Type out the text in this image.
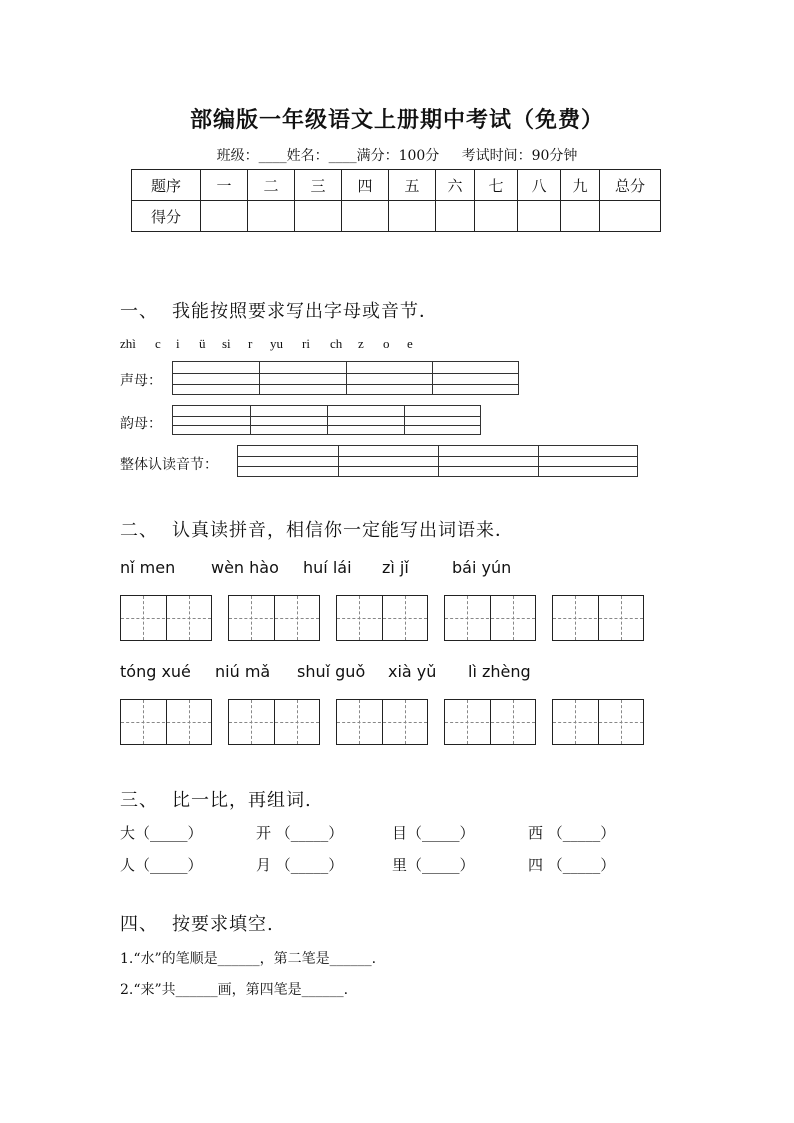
部编版一年级语文上册期中考试（免费）
班级：____姓名：____满分：100分 考试时间：90分钟
题序	一	二	三	四	五	六	七	八	九	总分
得分										
一、 我能按照要求写出字母或音节．
zhì c i ü si r yu ri ch z o e
声母：
韵母：
整体认读音节：
二、 认真读拼音，相信你一定能写出词语来．
nǐ men wèn hào huí lái zì jǐ	bái yún
tóng xué niú mǎ shuǐ guǒ xià yǔ lì zhèng
三、 比一比，再组词.
大（_____）	开 （_____）	目（_____）	西 （_____）
人（_____）	月 （_____）	里（_____）	四 （_____）
四、 按要求填空.
1.“水”的笔顺是______，第二笔是______.
2.“来”共______画，第四笔是______.
